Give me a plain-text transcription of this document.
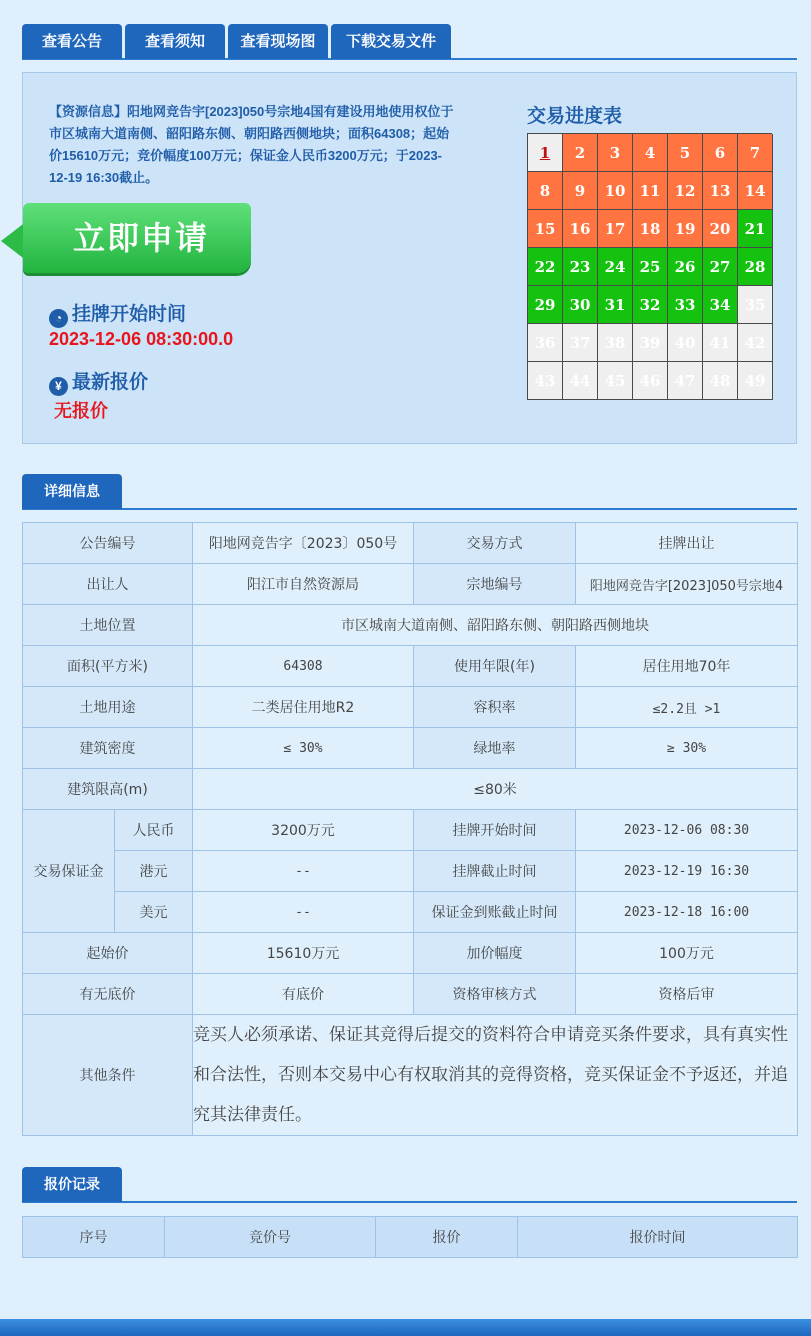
查看公告	查看须知	查看现场图	下载交易文件
【资源信息】阳地网竞告宇[2023]050号宗地4国有建设用地使用权位于市区城南大道南侧、韶阳路东侧、朝阳路西侧地块；面积64308；起始价15610万元；竞价幅度100万元；保证金人民币3200万元；于2023-12-19 16:30截止。
立即申请
◔ 挂牌开始时间
2023-12-06 08:30:00.0
¥ 最新报价
无报价
交易进度表
1	2	3	4	5	6	7
8	9	10 11 12 13 14
15 16 17 18 19 20 21
22 23 24 25 26 27 28
29 30 31 32 33 34 35
36 37 38 39 40 41 42
43 44 45 46 47 48 49
详细信息
公告编号		阳地网竞告字〔2023〕050号	交易方式	挂牌出让
出让人		阳江市自然资源局	宗地编号	阳地网竞告字[2023]050号宗地4
土地位置		市区城南大道南侧、韶阳路东侧、朝阳路西侧地块		
面积(平方米)		64308	使用年限(年)	居住用地70年
土地用途		二类居住用地R2	容积率	≤2.2且 >1
建筑密度		≤ 30%	绿地率	≥ 30%
建筑限高(m)		≤80米		
交易保证金	人民币	3200万元	挂牌开始时间	2023-12-06 08:30
	港元	--	挂牌截止时间	2023-12-19 16:30
	美元	--	保证金到账截止时间	2023-12-18 16:00
起始价		15610万元	加价幅度	100万元
有无底价		有底价	资格审核方式	资格后审
其他条件		竞买人必须承诺、保证其竞得后提交的资料符合申请竞买条件要求，具有真实性和合法性，否则本交易中心有权取消其的竞得资格，竞买保证金不予返还，并追究其法律责任。		
报价记录
序号	竞价号	报价	报价时间
